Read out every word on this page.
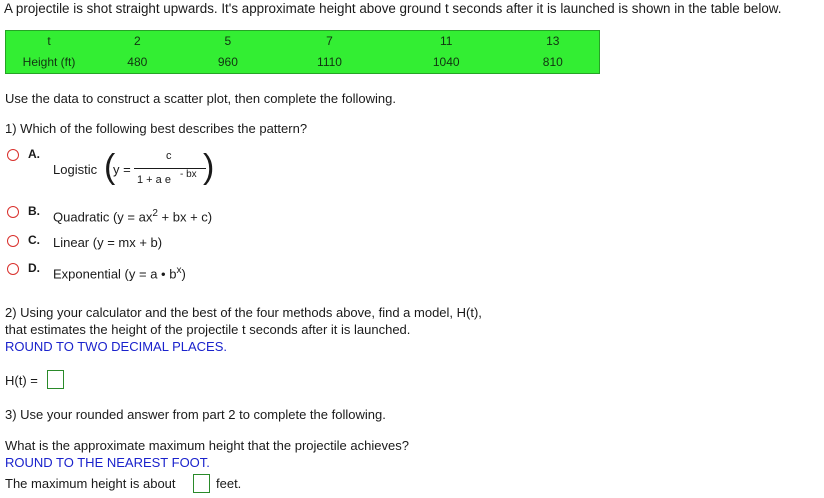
A projectile is shot straight upwards. It's approximate height above ground t seconds after it is launched is shown in the table below.
t	2	5	7	11	13
Height (ft)	480	960	1110	1040	810
Use the data to construct a scatter plot, then complete the following.
1) Which of the following best describes the pattern?
A.
Logistic (
y =
c
1 + a e - bx )
B. Quadratic ($y = ax^2$ + bx + c)
C. Linear (y = mx + b)
D. Exponential (y = a • $b^x$)
2) Using your calculator and the best of the four methods above, find a model, H(t),
that estimates the height of the projectile t seconds after it is launched.
ROUND TO TWO DECIMAL PLACES.
H(t) =
3) Use your rounded answer from part 2 to complete the following.
What is the approximate maximum height that the projectile achieves?
ROUND TO THE NEAREST FOOT.
The maximum height is about	feet.
